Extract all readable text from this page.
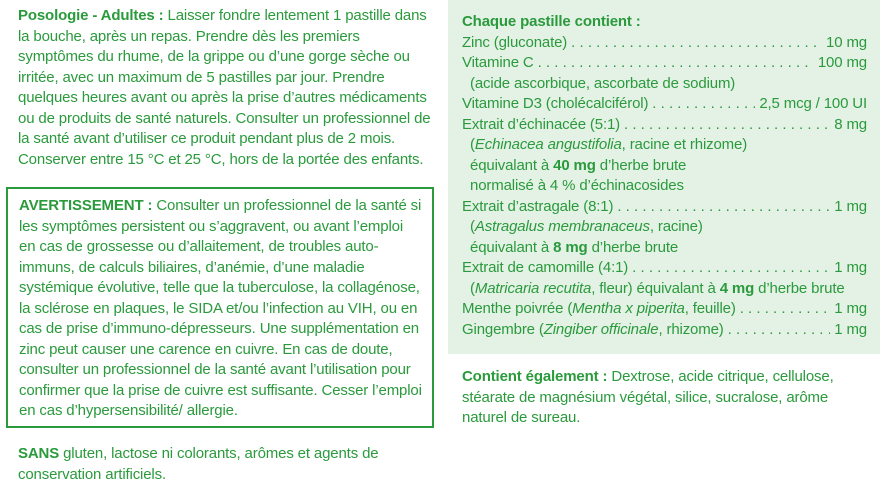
Posologie - Adultes : Laisser fondre lentement 1 pastille dans la bouche, après un repas. Prendre dès les premiers symptômes du rhume, de la grippe ou d’une gorge sèche ou irritée, avec un maximum de 5 pastilles par jour. Prendre quelques heures avant ou après la prise d’autres médicaments ou de produits de santé naturels. Consulter un professionnel de la santé avant d’utiliser ce produit pendant plus de 2 mois. Conserver entre 15 °C et 25 °C, hors de la portée des enfants.
AVERTISSEMENT : Consulter un professionnel de la santé si les symptômes persistent ou s’aggravent, ou avant l’emploi en cas de grossesse ou d’allaitement, de troubles auto-immuns, de calculs biliaires, d’anémie, d’une maladie systémique évolutive, telle que la tuberculose, la collagénose, la sclérose en plaques, le SIDA et/ou l’infection au VIH, ou en cas de prise d’immuno-dépresseurs. Une supplémentation en zinc peut causer une carence en cuivre. En cas de doute, consulter un professionnel de la santé avant l’utilisation pour confirmer que la prise de cuivre est suffisante. Cesser l’emploi en cas d’hypersensibilité/ allergie.
SANS gluten, lactose ni colorants, arômes et agents de conservation artificiels.
Chaque pastille contient :
Zinc (gluconate) . . .	10 mg
Vitamine C . . .	100 mg
(acide ascorbique, ascorbate de sodium)
Vitamine D3 (cholécalciférol) . . .	2,5 mcg / 100 UI
Extrait d’échinacée (5:1) . . .	8 mg
(Echinacea angustifolia, racine et rhizome)
équivalant à 40 mg d’herbe brute
normalisé à 4 % d’échinacosides
Extrait d’astragale (8:1) . . .	1 mg
(Astragalus membranaceus, racine)
équivalant à 8 mg d’herbe brute
Extrait de camomille (4:1) . . .	1 mg
(Matricaria recutita, fleur) équivalant à 4 mg d’herbe brute
Menthe poivrée (Mentha x piperita, feuille) . . .	1 mg
Gingembre (Zingiber officinale, rhizome) . . .	1 mg
Contient également : Dextrose, acide citrique, cellulose, stéarate de magnésium végétal, silice, sucralose, arôme naturel de sureau.
